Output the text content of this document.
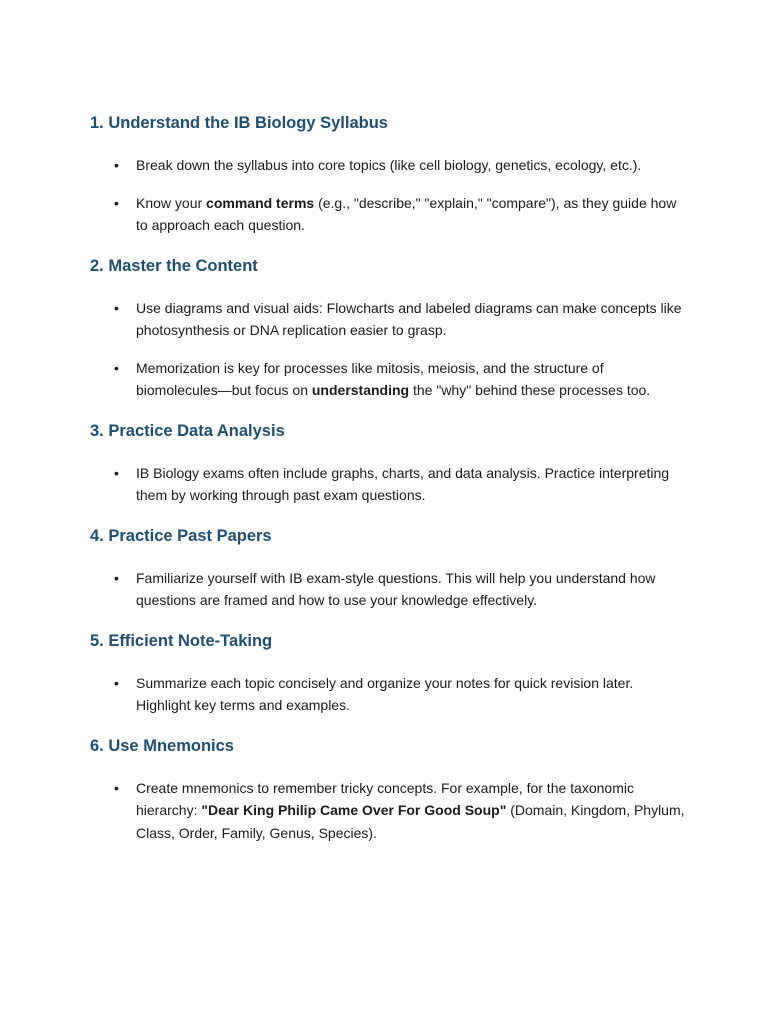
1. Understand the IB Biology Syllabus
• Break down the syllabus into core topics (like cell biology, genetics, ecology, etc.).
• Know your command terms (e.g., "describe," "explain," "compare"), as they guide how to approach each question.
2. Master the Content
• Use diagrams and visual aids: Flowcharts and labeled diagrams can make concepts like photosynthesis or DNA replication easier to grasp.
• Memorization is key for processes like mitosis, meiosis, and the structure of biomolecules—but focus on understanding the "why" behind these processes too.
3. Practice Data Analysis
• IB Biology exams often include graphs, charts, and data analysis. Practice interpreting them by working through past exam questions.
4. Practice Past Papers
• Familiarize yourself with IB exam-style questions. This will help you understand how questions are framed and how to use your knowledge effectively.
5. Efficient Note-Taking
• Summarize each topic concisely and organize your notes for quick revision later. Highlight key terms and examples.
6. Use Mnemonics
• Create mnemonics to remember tricky concepts. For example, for the taxonomic hierarchy: "Dear King Philip Came Over For Good Soup" (Domain, Kingdom, Phylum, Class, Order, Family, Genus, Species).
